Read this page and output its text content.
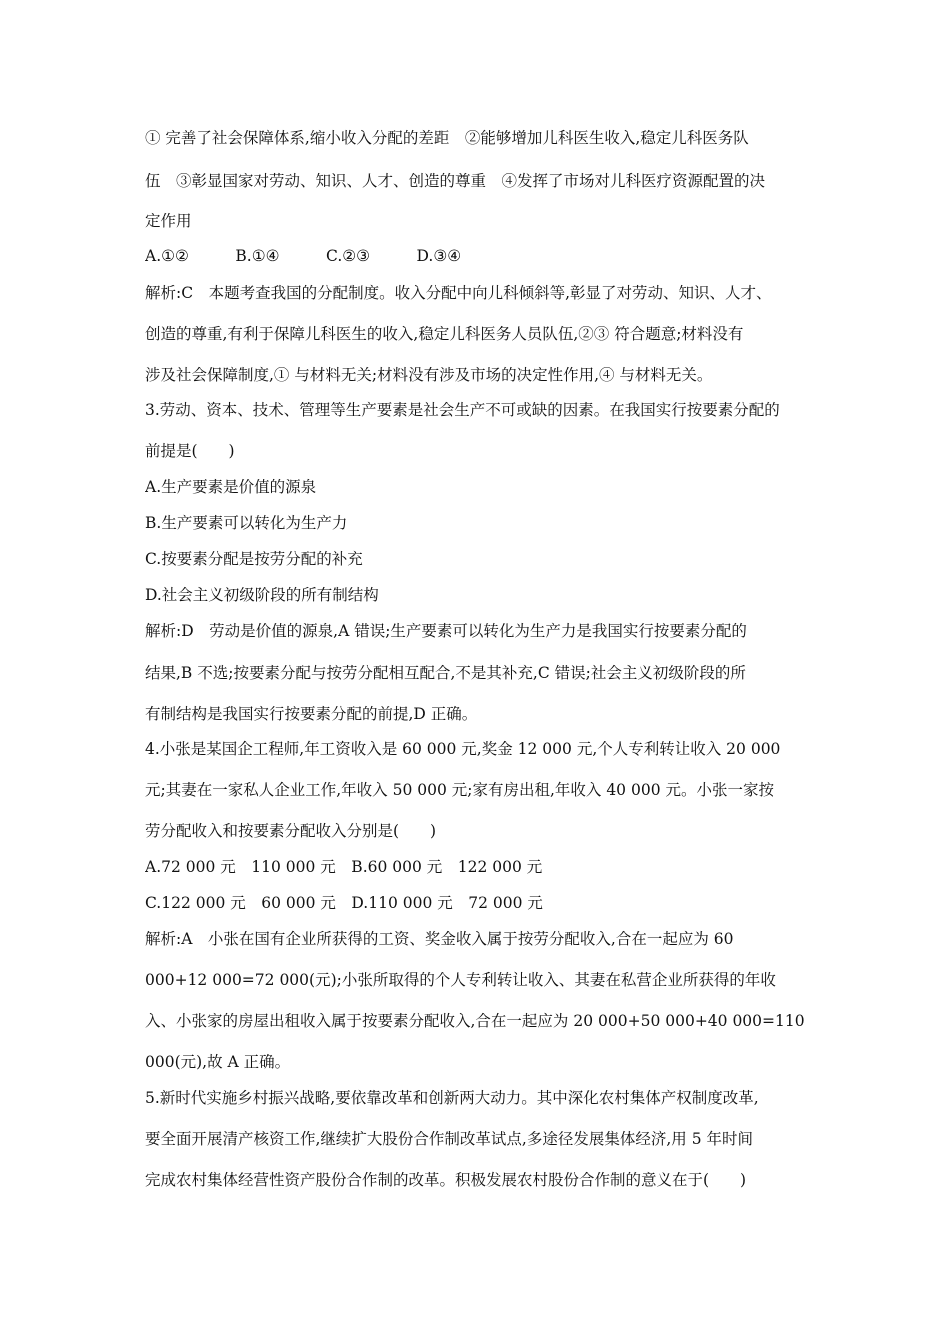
① 完善了社会保障体系,缩小收入分配的差距　②能够增加儿科医生收入,稳定儿科医务队
伍　③彰显国家对劳动、知识、人才、创造的尊重　④发挥了市场对儿科医疗资源配置的决
定作用
A.①②　　　B.①④　　　C.②③　　　D.③④
解析:C　本题考查我国的分配制度。收入分配中向儿科倾斜等,彰显了对劳动、知识、人才、
创造的尊重,有利于保障儿科医生的收入,稳定儿科医务人员队伍,②③ 符合题意;材料没有
涉及社会保障制度,① 与材料无关;材料没有涉及市场的决定性作用,④ 与材料无关。
3.劳动、资本、技术、管理等生产要素是社会生产不可或缺的因素。在我国实行按要素分配的
前提是(　　)
A.生产要素是价值的源泉
B.生产要素可以转化为生产力
C.按要素分配是按劳分配的补充
D.社会主义初级阶段的所有制结构
解析:D　劳动是价值的源泉,A 错误;生产要素可以转化为生产力是我国实行按要素分配的
结果,B 不选;按要素分配与按劳分配相互配合,不是其补充,C 错误;社会主义初级阶段的所
有制结构是我国实行按要素分配的前提,D 正确。
4.小张是某国企工程师,年工资收入是 60 000 元,奖金 12 000 元,个人专利转让收入 20 000
元;其妻在一家私人企业工作,年收入 50 000 元;家有房出租,年收入 40 000 元。小张一家按
劳分配收入和按要素分配收入分别是(　　)
A.72 000 元　110 000 元　B.60 000 元　122 000 元
C.122 000 元　60 000 元　D.110 000 元　72 000 元
解析:A　小张在国有企业所获得的工资、奖金收入属于按劳分配收入,合在一起应为 60
000+12 000=72 000(元);小张所取得的个人专利转让收入、其妻在私营企业所获得的年收
入、小张家的房屋出租收入属于按要素分配收入,合在一起应为 20 000+50 000+40 000=110
000(元),故 A 正确。
5.新时代实施乡村振兴战略,要依靠改革和创新两大动力。其中深化农村集体产权制度改革,
要全面开展清产核资工作,继续扩大股份合作制改革试点,多途径发展集体经济,用 5 年时间
完成农村集体经营性资产股份合作制的改革。积极发展农村股份合作制的意义在于(　　)
